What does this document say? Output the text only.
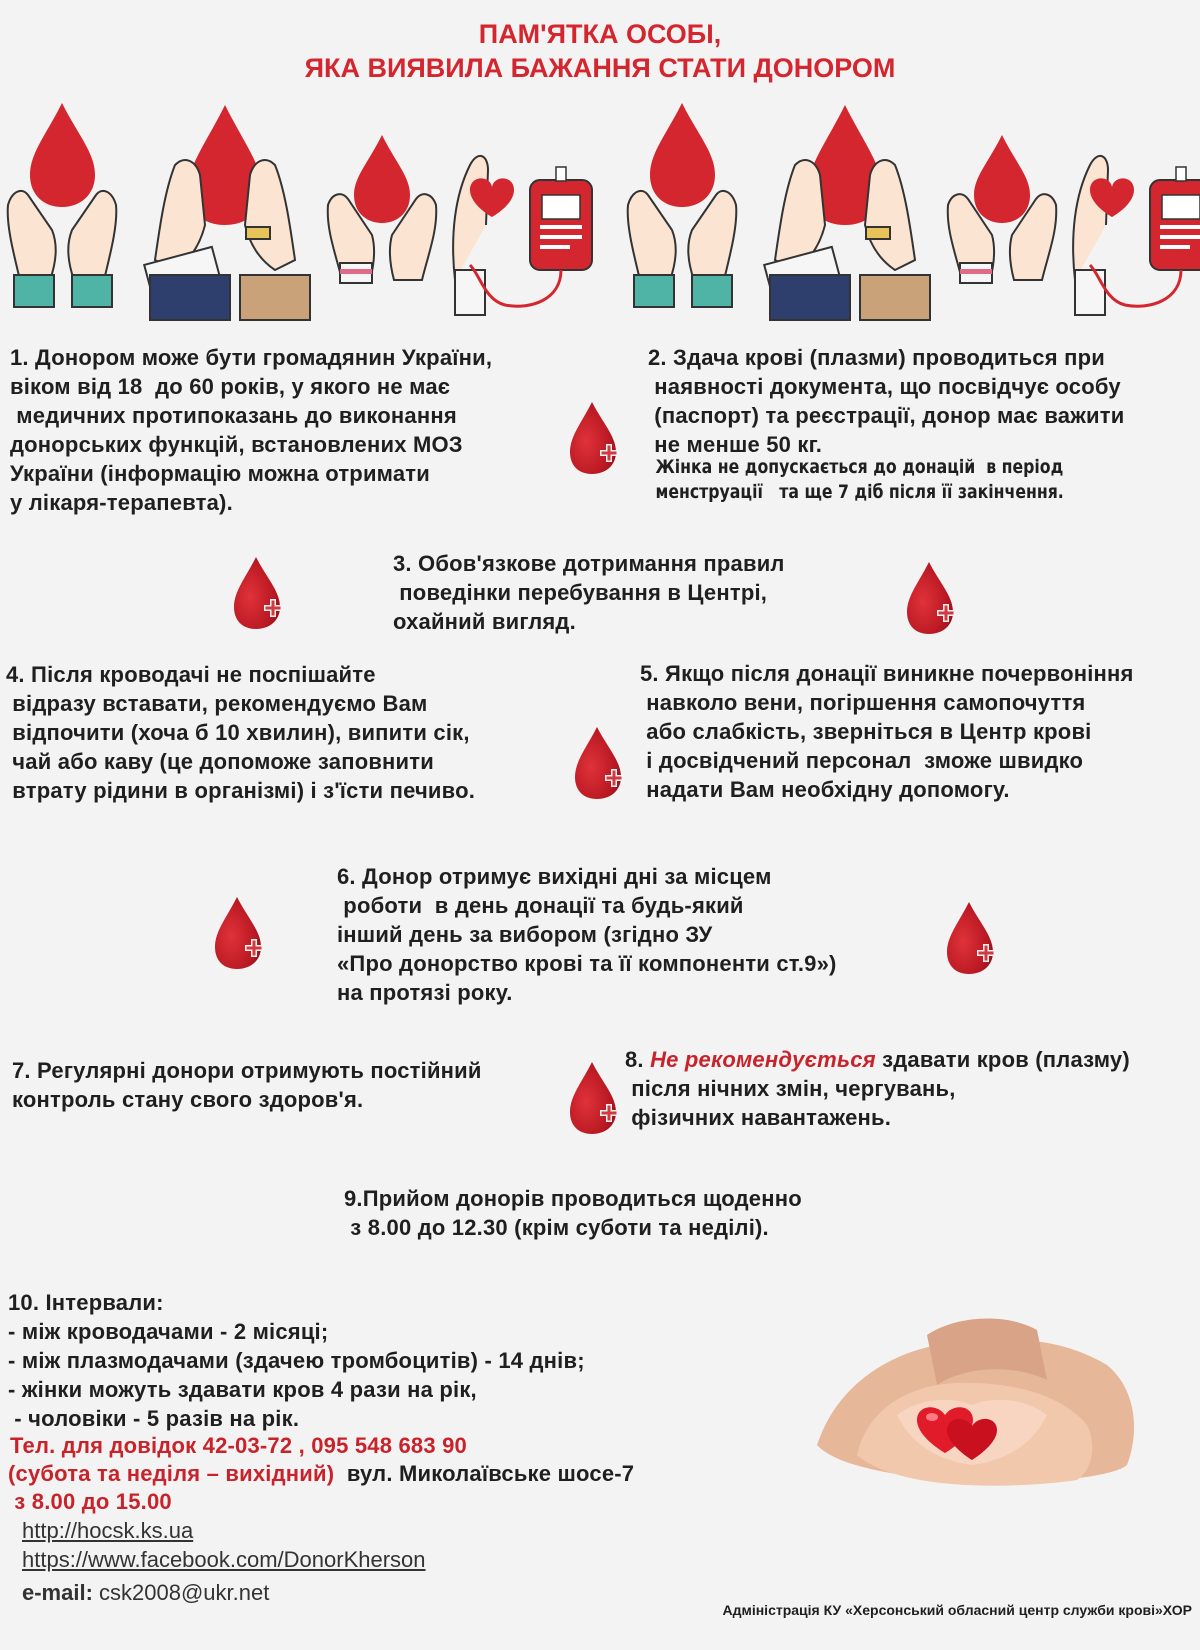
ПАМ'ЯТКА ОСОБІ,
ЯКА ВИЯВИЛА БАЖАННЯ СТАТИ ДОНОРОМ
1. Донором може бути громадянин України,
віком від 18  до 60 років, у якого не має
медичних протипоказань до виконання
донорських функцій, встановлених МОЗ
України (інформацію можна отримати
у лікаря-терапевта).
2. Здача крові (плазми) проводиться при
наявності документа, що посвідчує особу
(паспорт) та реєстрації, донор має важити
не менше 50 кг.
Жінка не допускається до донацій  в період
менструації   та ще 7 діб після її закінчення.
3. Обов'язкове дотримання правил
поведінки перебування в Центрі,
охайний вигляд.
4. Після кроводачі не поспішайте
відразу вставати, рекомендуємо Вам
відпочити (хоча б 10 хвилин), випити сік,
чай або каву (це допоможе заповнити
втрату рідини в організмі) і з'їсти печиво.
5. Якщо після донації виникне почервоніння
навколо вени, погіршення самопочуття
або слабкість, зверніться в Центр крові
і досвідчений персонал  зможе швидко
надати Вам необхідну допомогу.
6. Донор отримує вихідні дні за місцем
роботи  в день донації та будь-який
інший день за вибором (згідно ЗУ
«Про донорство крові та її компоненти ст.9»)
на протязі року.
7. Регулярні донори отримують постійний
контроль стану свого здоров'я.
8. Не рекомендується здавати кров (плазму)
після нічних змін, чергувань,
фізичних навантажень.
9.Прийом донорів проводиться щоденно
з 8.00 до 12.30 (крім суботи та неділі).
10. Інтервали:
- між кроводачами - 2 місяці;
- між плазмодачами (здачею тромбоцитів) - 14 днів;
- жінки можуть здавати кров 4 рази на рік,
- чоловіки - 5 разів на рік.
Тел. для довідок 42-03-72 , 095 548 683 90
(субота та неділя – вихідний)  вул. Миколаївське шосе-7
з 8.00 до 15.00
http://hocsk.ks.ua
https://www.facebook.com/DonorKherson
e-mail: csk2008@ukr.net
Адміністрація КУ «Херсонський обласний центр служби крові»ХОР
